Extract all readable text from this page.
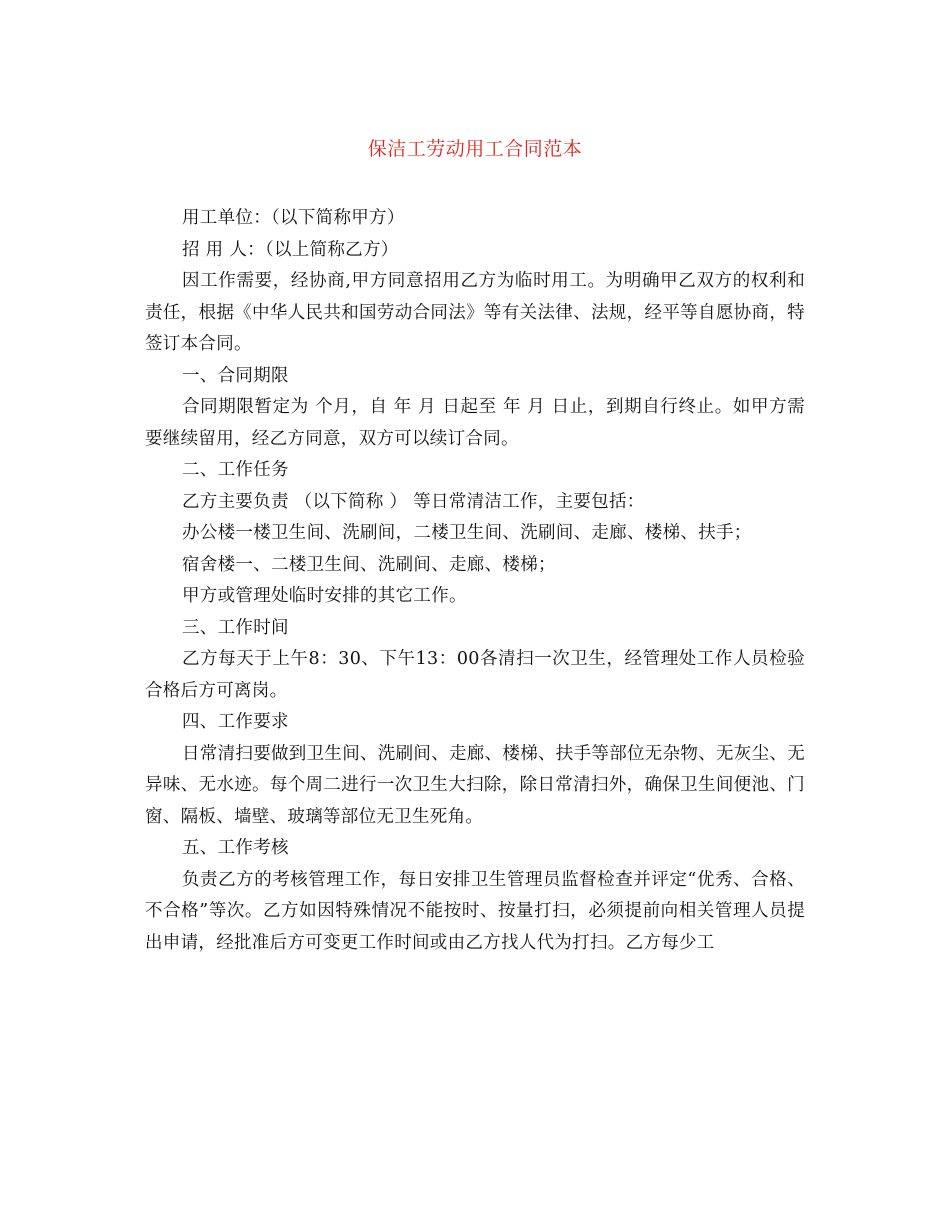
保洁工劳动用工合同范本

用工单位：（以下简称甲方）

招 用 人：（以上简称乙方）

因工作需要，经协商,甲方同意招用乙方为临时用工。为明确甲乙双方的权利和责任，根据《中华人民共和国劳动合同法》等有关法律、法规，经平等自愿协商，特签订本合同。

一、合同期限

合同期限暂定为 个月，自 年 月 日起至 年 月 日止，到期自行终止。如甲方需要继续留用，经乙方同意，双方可以续订合同。

二、工作任务

乙方主要负责 （以下简称 ） 等日常清洁工作，主要包括：

办公楼一楼卫生间、洗刷间，二楼卫生间、洗刷间、走廊、楼梯、扶手；

宿舍楼一、二楼卫生间、洗刷间、走廊、楼梯；

甲方或管理处临时安排的其它工作。

三、工作时间

乙方每天于上午8：30、下午13：00各清扫一次卫生，经管理处工作人员检验合格后方可离岗。

四、工作要求

日常清扫要做到卫生间、洗刷间、走廊、楼梯、扶手等部位无杂物、无灰尘、无异味、无水迹。每个周二进行一次卫生大扫除，除日常清扫外，确保卫生间便池、门窗、隔板、墙壁、玻璃等部位无卫生死角。

五、工作考核

负责乙方的考核管理工作，每日安排卫生管理员监督检查并评定“优秀、合格、不合格”等次。乙方如因特殊情况不能按时、按量打扫，必须提前向相关管理人员提出申请，经批准后方可变更工作时间或由乙方找人代为打扫。乙方每少工
